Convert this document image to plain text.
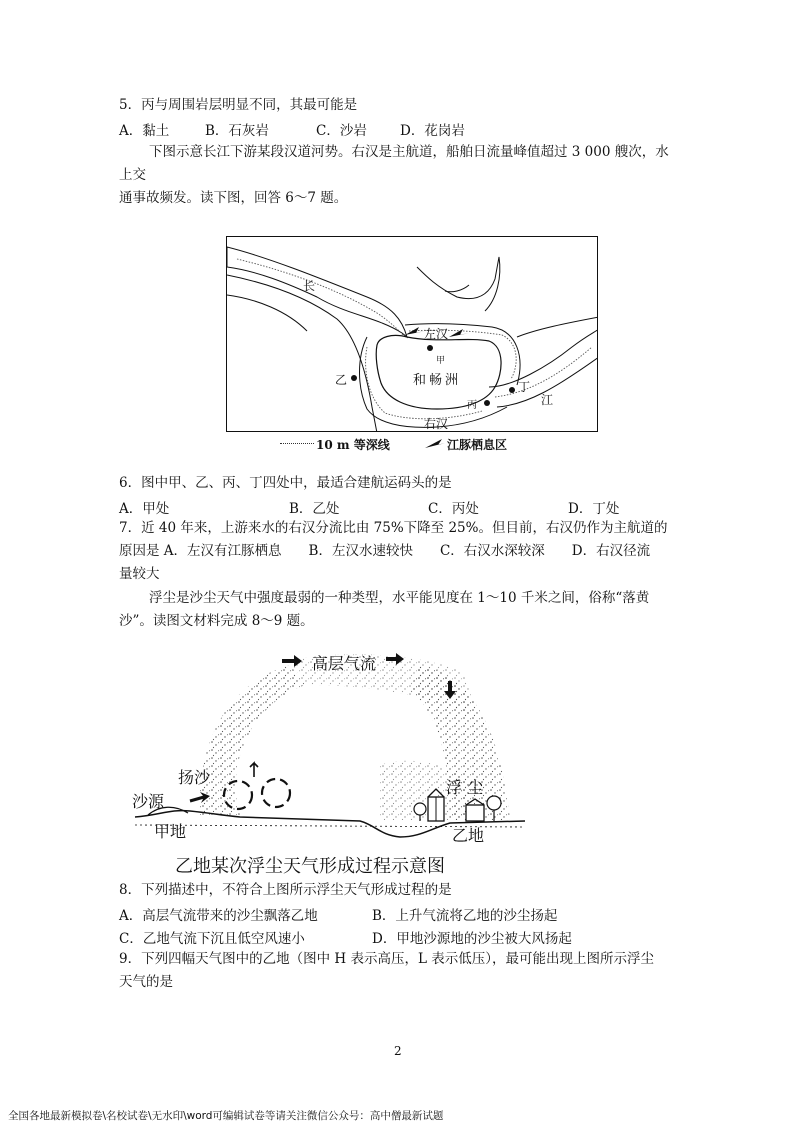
5．丙与周围岩层明显不同，其最可能是
A．黏土	B．石灰岩	C．沙岩 D．花岗岩
下图示意长江下游某段汉道河势。右汉是主航道，船舶日流量峰值超过 3 000 艘次，水
上交
通事故频发。读下图，回答 6～7 题。
长
左汉
甲
乙	和畅洲
丙
丁
江
右汉
10 m 等深线	江豚栖息区
6．图中甲、乙、丙、丁四处中，最适合建航运码头的是
A．甲处	B．乙处	C．丙处	D．丁处
7．近 40 年来，上游来水的右汉分流比由 75%下降至 25%。但目前，右汉仍作为主航道的
原因是 A．左汉有江豚栖息　　B．左汉水速较快　　C．右汉水深较深　　D．右汉径流
量较大
浮尘是沙尘天气中强度最弱的一种类型，水平能见度在 1～10 千米之间，俗称“落黄
沙”。读图文材料完成 8～9 题。
高层气流
扬沙
沙源
甲地
浮 尘
乙地
乙地某次浮尘天气形成过程示意图
8．下列描述中，不符合上图所示浮尘天气形成过程的是
A．高层气流带来的沙尘飘落乙地	B．上升气流将乙地的沙尘扬起
C．乙地气流下沉且低空风速小	D．甲地沙源地的沙尘被大风扬起
9．下列四幅天气图中的乙地（图中 H 表示高压，L 表示低压），最可能出现上图所示浮尘
天气的是
2
全国各地最新模拟卷\名校试卷\无水印\word可编辑试卷等请关注微信公众号：高中僧最新试题
